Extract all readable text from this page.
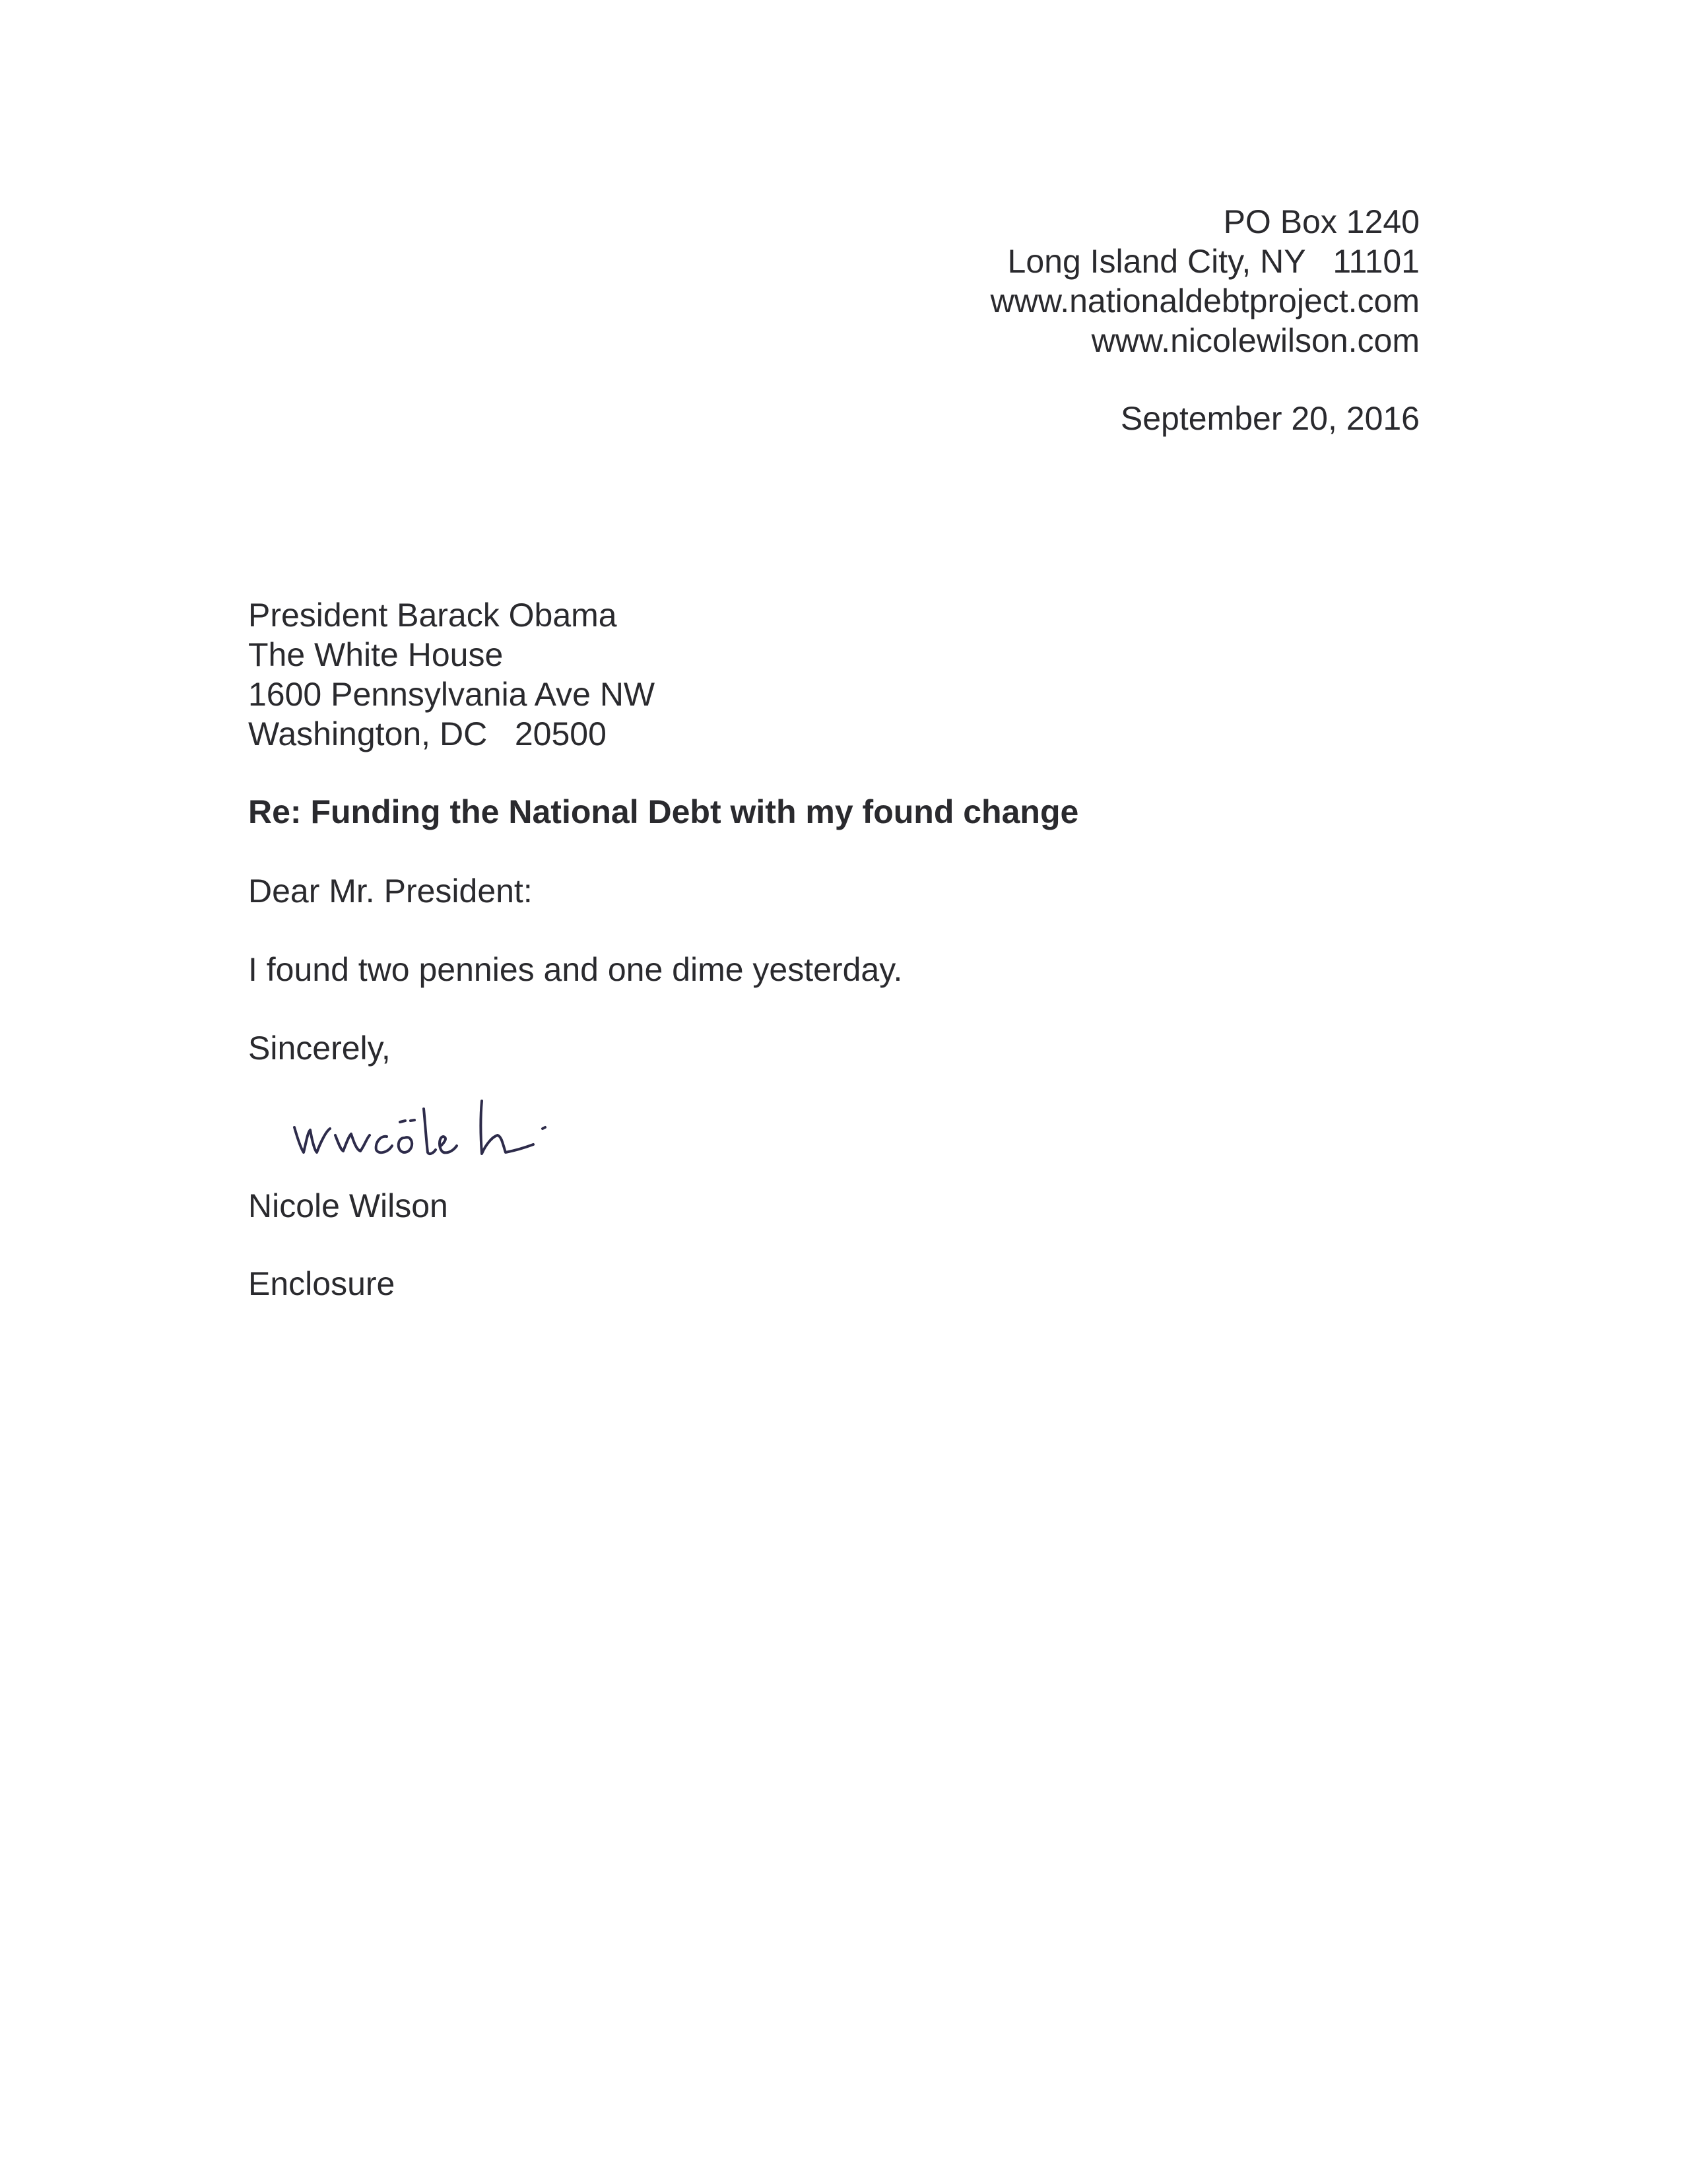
PO Box 1240
Long Island City, NY   11101
www.nationaldebtproject.com
www.nicolewilson.com
September 20, 2016
President Barack Obama
The White House
1600 Pennsylvania Ave NW
Washington, DC   20500
Re: Funding the National Debt with my found change
Dear Mr. President:
I found two pennies and one dime yesterday.
Sincerely,
Nicole Wilson
Enclosure
